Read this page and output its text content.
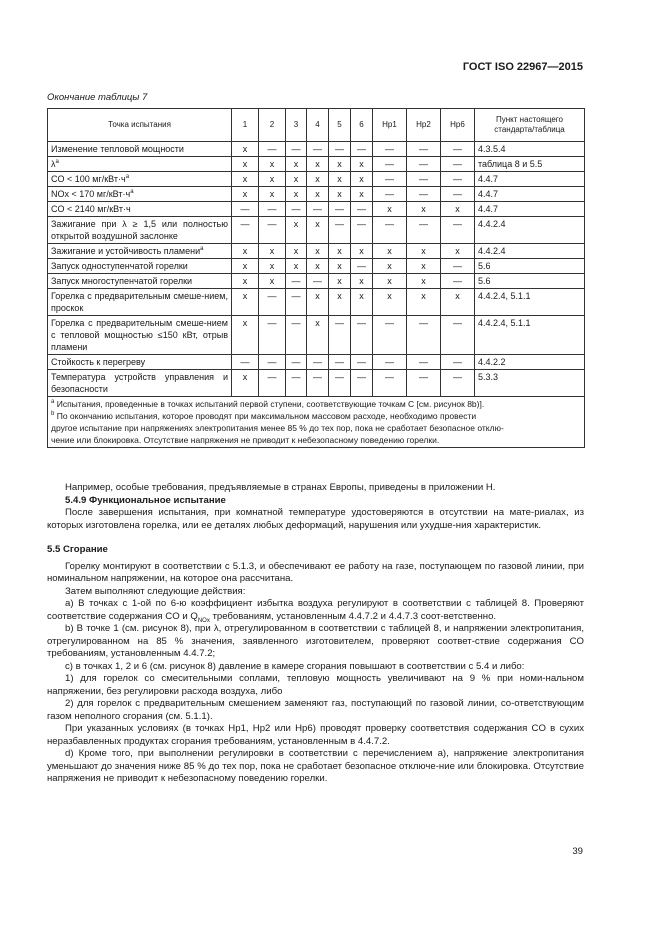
ГОСТ ISO 22967—2015
Окончание таблицы 7
Точка испытания	1	2	3	4	5	6	Hp1	Hp2	Hp6	Пункт настоящего стандарта/таблица
Изменение тепловой мощности	x	—	—	—	—	—	—	—	—	4.3.5.4
$\lambda^a$	x	x	x	x	x	x	—	—	—	таблица 8 и 5.5
CO < 100 $мг/кВт\cdot ч^a$	x	x	x	x	x	x	—	—	—	4.4.7
NOx < 170 $мг/кВт\cdot ч^a$	x	x	x	x	x	x	—	—	—	4.4.7
CO < 2140 мг/кВт·ч	—	—	—	—	—	—	x	x	x	4.4.7
Зажигание при λ ≥ 1,5 или полностью открытой воздушной заслонке	—	—	x	x	—	—	—	—	—	4.4.2.4
Зажигание и устойчивость пламени$^a$	x	x	x	x	x	x	x	x	x	4.4.2.4
Запуск одноступенчатой горелки	x	x	x	x	x	—	x	x	—	5.6
Запуск многоступенчатой горелки	x	x	—	—	x	x	x	x	—	5.6
Горелка с предварительным смеше-нием, проскок	x	—	—	x	x	x	x	x	x	4.4.2.4, 5.1.1
Горелка с предварительным смеше-нием с тепловой мощностью ≤150 кВт, отрыв пламени	x	—	—	x	—	—	—	—	—	4.4.2.4, 5.1.1
Стойкость к перегреву	—	—	—	—	—	—	—	—	—	4.4.2.2
Температура устройств управления и безопасности	x	—	—	—	—	—	—	—	—	5.3.3

$^a$ Испытания, проведенные в точках испытаний первой ступени, соответствующие точкам C [см. рисунок 8b)].
$^b$ По окончанию испытания, которое проводят при максимальном массовом расходе, необходимо провести
другое испытание при напряжениях электропитания менее 85 % до тех пор, пока не сработает безопасное отклю-
чение или блокировка. Отсутствие напряжения не приводит к небезопасному поведению горелки.										

Например, особые требования, предъявляемые в странах Европы, приведены в приложении Н.

5.4.9 Функциональное испытание

После завершения испытания, при комнатной температуре удостоверяются в отсутствии на мате-риалах, из которых изготовлена горелка, или ее деталях любых деформаций, нарушения или ухудше-ния характеристик.

5.5 Сгорание

Горелку монтируют в соответствии с 5.1.3, и обеспечивают ее работу на газе, поступающем по газовой линии, при номинальном напряжении, на которое она рассчитана.

Затем выполняют следующие действия:

a) В точках с 1-ой по 6-ю коэффициент избытка воздуха регулируют в соответствии с таблицей 8. Проверяют соответствие содержания CO и $Q_{NOx}$ требованиям, установленным 4.4.7.2 и 4.4.7.3 соот-ветственно.

b) В точке 1 (см. рисунок 8), при λ, отрегулированном в соответствии с таблицей 8, и напряжении электропитания, отрегулированном на 85 % значения, заявленного изготовителем, проверяют соответ-ствие содержания CO требованиям, установленным 4.4.7.2;

c) в точках 1, 2 и 6 (см. рисунок 8) давление в камере сгорания повышают в соответствии с 5.4 и либо:

1) для горелок со смесительными соплами, тепловую мощность увеличивают на 9 % при номи-нальном напряжении, без регулировки расхода воздуха, либо

2) для горелок с предварительным смешением заменяют газ, поступающий по газовой линии, со-ответствующим газом неполного сгорания (см. 5.1.1).

При указанных условиях (в точках Hp1, Hp2 или Hp6) проводят проверку соответствия содержания CO в сухих неразбавленных продуктах сгорания требованиям, установленным в 4.4.7.2.

d) Кроме того, при выполнении регулировки в соответствии с перечислением a), напряжение электропитания уменьшают до значения ниже 85 % до тех пор, пока не сработает безопасное отключе-ние или блокировка. Отсутствие напряжения не приводит к небезопасному поведению горелки.

39
